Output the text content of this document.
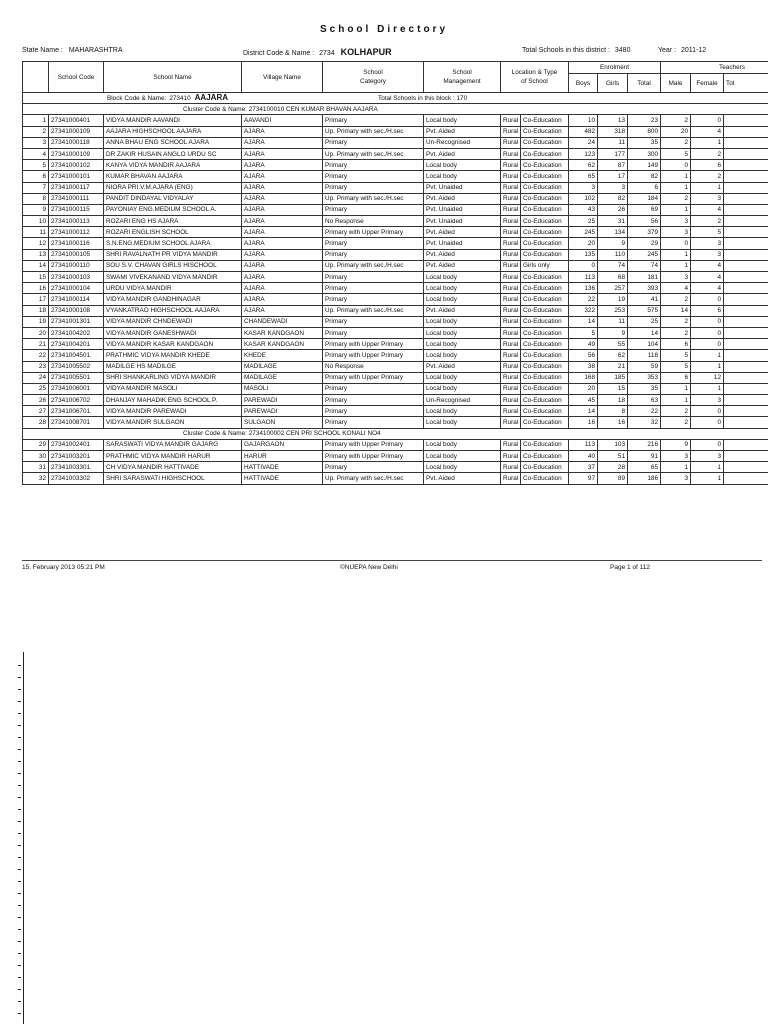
School Directory
State Name : MAHARASHTRA	District Code & Name : 2734 KOLHAPUR	Total Schools in this district : 3480	Year : 2011-12
	School Code	School Name	Village Name	School Category	School Management	Location & Type of School		Enrolment			Teachers		
								Boys	Girls	Total	Male	Female	Tot
Block Code & Name: 273410 AAJARA Total Schools in this block : 170													
Cluster Code & Name: 2734100010 CEN KUMAR BHAVAN AAJARA													
1	27341000401	VIDYA MANDIR AAVANDI	AAVANDI	Primary	Local body	Rural	Co-Education	10	13	23	2	0	
2	27341000109	AAJARA HIGHSCHOOL AAJARA	AJARA	Up. Primary with sec./H.sec	Pvt. Aided	Rural	Co-Education	482	318	800	20	4	
3	27341000118	ANNA BHAU ENG SCHOOL AJARA	AJARA	Primary	Un-Recognised	Rural	Co-Education	24	11	35	2	1	
4	27341000109	DR ZAKIR HUSAIN ANGLO URDU SC	AJARA	Up. Primary with sec./H.sec	Pvt. Aided	Rural	Co-Education	123	177	300	5	2	
5	27341000102	KANYA VIDYA MANDIR AAJARA	AJARA	Primary	Local body	Rural	Co-Education	62	87	149	0	6	
6	27341000101	KUMAR BHAVAN AAJARA	AJARA	Primary	Local body	Rural	Co-Education	65	17	82	1	2	
7	27341000117	NIORA PRI.V.M.AJARA (ENG)	AJARA	Primary	Pvt. Unaided	Rural	Co-Education	3	3	6	1	1	
8	27341000111	PANDIT DINDAYAL VIDYALAY	AJARA	Up. Primary with sec./H.sec	Pvt. Aided	Rural	Co-Education	102	82	184	2	3	
9	27341000115	PAYONIAY ENG.MEDIUM SCHOOL A.	AJARA	Primary	Pvt. Unaided	Rural	Co-Education	43	26	69	1	4	
10	27341000113	ROZARI ENG HS AJARA	AJARA	No Response	Pvt. Unaided	Rural	Co-Education	25	31	56	3	2	
11	27341000112	ROZARI ENGLISH SCHOOL	AJARA	Primary with Upper Primary	Pvt. Aided	Rural	Co-Education	245	134	379	3	5	
12	27341000116	S.N.ENG.MEDIUM SCHOOL AJARA	AJARA	Primary	Pvt. Unaided	Rural	Co-Education	20	9	29	0	3	
13	27341000105	SHRI RAVALNATH PR VIDYA MANDIR	AJARA	Primary	Pvt. Aided	Rural	Co-Education	135	110	245	1	3	
14	27341000110	SOU S.V. CHAVAN GIRLS HISCHOOL	AJARA	Up. Primary with sec./H.sec	Pvt. Aided	Rural	Girls only	0	74	74	1	4	
15	27341000103	SWAMI VIVEKANAND VIDYA MANDIR	AJARA	Primary	Local body	Rural	Co-Education	113	68	181	3	4	
16	27341000104	URDU VIDYA MANDIR	AJARA	Primary	Local body	Rural	Co-Education	136	257	393	4	4	
17	27341000114	VIDYA MANDIR GANDHINAGAR	AJARA	Primary	Local body	Rural	Co-Education	22	19	41	2	0	
18	27341000108	VYANKATRAO HIGHSCHOOL AAJARA	AJARA	Up. Primary with sec./H.sec	Pvt. Aided	Rural	Co-Education	322	253	575	14	6	
19	27341001301	VIDYA MANDIR CHNDEWADI	CHANDEWADI	Primary	Local body	Rural	Co-Education	14	11	25	2	0	
20	27341004202	VIDYA MANDIR GANESHWADI	KASAR KANDGAON	Primary	Local body	Rural	Co-Education	5	9	14	2	0	
21	27341004201	VIDYA MANDIR KASAR KANDGAON	KASAR KANDGAON	Primary with Upper Primary	Local body	Rural	Co-Education	49	55	104	6	0	
22	27341004501	PRATHMIC VIDYA MANDIR KHEDE	KHEDE	Primary with Upper Primary	Local body	Rural	Co-Education	56	62	118	5	1	
23	27341005502	MADILGE HS MADILGE	MADILAGE	No Response	Pvt. Aided	Rural	Co-Education	38	21	59	5	1	
24	27341005501	SHRI SHANKARLING VIDYA MANDIR	MADILAGE	Primary with Upper Primary	Local body	Rural	Co-Education	168	185	353	6	12	
25	27341006001	VIDYA MANDIR MASOLI	MASOLI	Primary	Local body	Rural	Co-Education	20	15	35	1	1	
26	27341006702	DHANJAY MAHADIK ENG SCHOOL P.	PAREWADI	Primary	Un-Recognised	Rural	Co-Education	45	18	63	1	3	
27	27341006701	VIDYA MANDIR PAREWADI	PAREWADI	Primary	Local body	Rural	Co-Education	14	8	22	2	0	
28	27341008701	VIDYA MANDIR SULGAON	SULGAON	Primary	Local body	Rural	Co-Education	16	16	32	2	0	
Cluster Code & Name: 2734100002 CEN PRI SCHOOL KONALI NO4													
29	27341002401	SARASWATI VIDYA MANDIR GAJARG	GAJARGAON	Primary with Upper Primary	Local body	Rural	Co-Education	113	103	216	9	0	
30	27341003201	PRATHMIC VIDYA MANDIR HARUR	HARUR	Primary with Upper Primary	Local body	Rural	Co-Education	40	51	91	3	3	
31	27341003301	CH VIDYA MANDIR HATTIVADE	HATTIVADE	Primary	Local body	Rural	Co-Education	37	28	65	1	1	
32	27341003302	SHRI SARASWATI HIGHSCHOOL	HATTIVADE	Up. Primary with sec./H.sec	Pvt. Aided	Rural	Co-Education	97	89	186	3	1	
15. February 2013 05:21 PM	©NUEPA New Delhi	Page 1 of 112
